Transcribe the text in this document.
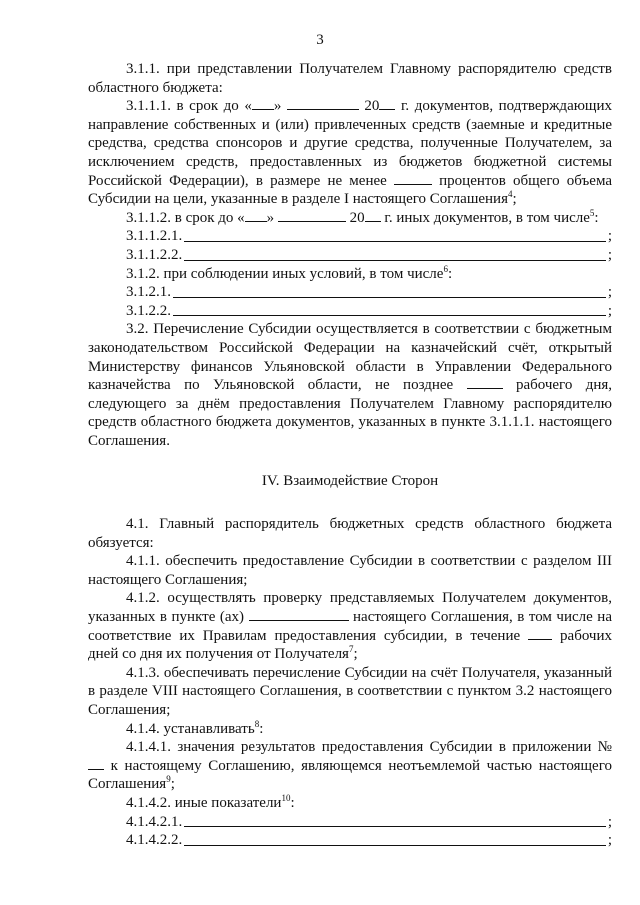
3
3.1.1. при представлении Получателем Главному распорядителю средств областного бюджета:
3.1.1.1. в срок до « »	20 г. документов, подтверждающих направление собственных и (или) привлеченных средств (заемные и кредитные средства, средства спонсоров и другие средства, полученные Получателем, за исключением средств, предоставленных из бюджетов бюджетной системы Российской Федерации), в размере не менее	процентов общего объема Субсидии на цели, указанные в разделе I настоящего Соглашения$^4$;
3.1.1.2. в срок до « »	20 г. иных документов, в том числе$^5$:
3.1.1.2.1.	;
3.1.1.2.2.	;
3.1.2. при соблюдении иных условий, в том числе$^6$:
3.1.2.1.	;
3.1.2.2.	;
3.2. Перечисление Субсидии осуществляется в соответствии с бюджетным законодательством Российской Федерации на казначейский счёт, открытый Министерству финансов Ульяновской области в Управлении Федерального казначейства по Ульяновской области, не позднее	рабочего дня, следующего за днём предоставления Получателем Главному распорядителю средств областного бюджета документов, указанных в пункте 3.1.1.1. настоящего Соглашения.
IV. Взаимодействие Сторон
4.1. Главный распорядитель бюджетных средств областного бюджета обязуется:
4.1.1. обеспечить предоставление Субсидии в соответствии с разделом III настоящего Соглашения;
4.1.2. осуществлять проверку представляемых Получателем документов, указанных в пункте (ах)	настоящего Соглашения, в том числе на соответствие их Правилам предоставления субсидии, в течение	рабочих дней со дня их получения от Получателя$^7$;
4.1.3. обеспечивать перечисление Субсидии на счёт Получателя, указанный в разделе VIII настоящего Соглашения, в соответствии с пунктом 3.2 настоящего Соглашения;
4.1.4. устанавливать$^8$:
4.1.4.1. значения результатов предоставления Субсидии в приложении №  к настоящему Соглашению, являющемся неотъемлемой частью настоящего Соглашения$^9$;
4.1.4.2. иные показатели$^{10}$:
4.1.4.2.1.	;
4.1.4.2.2.	;
